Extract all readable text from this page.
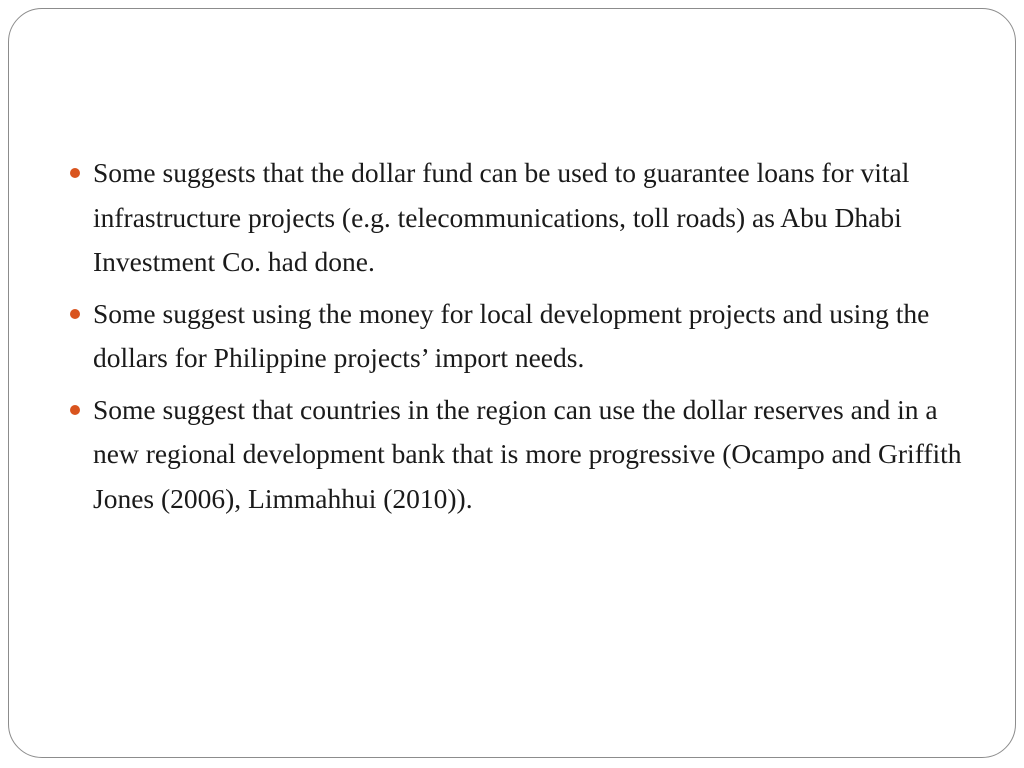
Some suggests that the dollar fund can be used to guarantee loans for vital infrastructure projects (e.g. telecommunications, toll roads) as Abu Dhabi Investment Co. had done.
Some suggest using the money for local development projects and using the dollars for Philippine projects’ import needs.
Some suggest that countries in the region can use the dollar reserves and in a new regional development bank that is more progressive (Ocampo and Griffith Jones (2006), Limmahhui (2010)).
